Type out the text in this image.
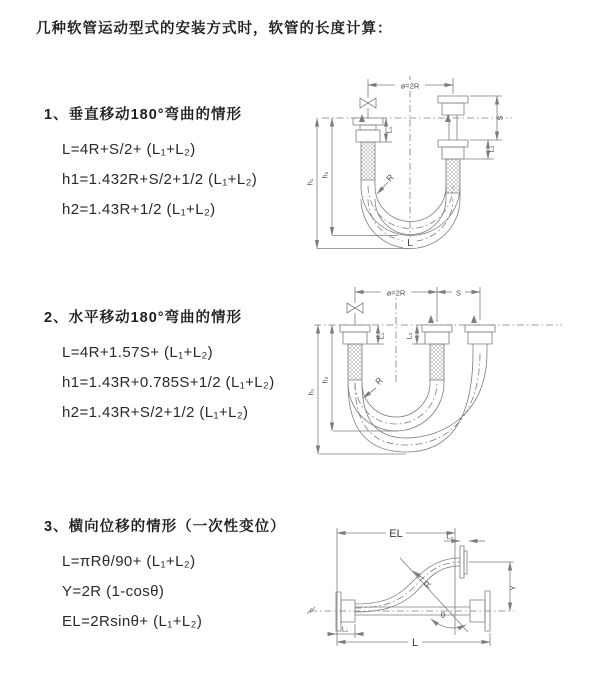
几种软管运动型式的安装方式时，软管的长度计算：
1、垂直移动180°弯曲的情形
L=4R+S/2+ (L₁+L₂)
h1=1.432R+S/2+1/2 (L₁+L₂)
h2=1.43R+1/2 (L₁+L₂)
2、水平移动180°弯曲的情形
L=4R+1.57S+ (L₁+L₂)
h1=1.43R+0.785S+1/2 (L₁+L₂)
h2=1.43R+S/2+1/2 (L₁+L₂)
3、横向位移的情形（一次性变位）
L=πRθ/90+ (L₁+L₂)
Y=2R (1-cosθ)
EL=2Rsinθ+ (L₁+L₂)
ø=2R
S
L₁
L₂
h₁
h₂	R
L
ø=2R	S
L₁	L₂
h₁
h₂	R
EL	L₂
Y
R
θ
L
L₁
